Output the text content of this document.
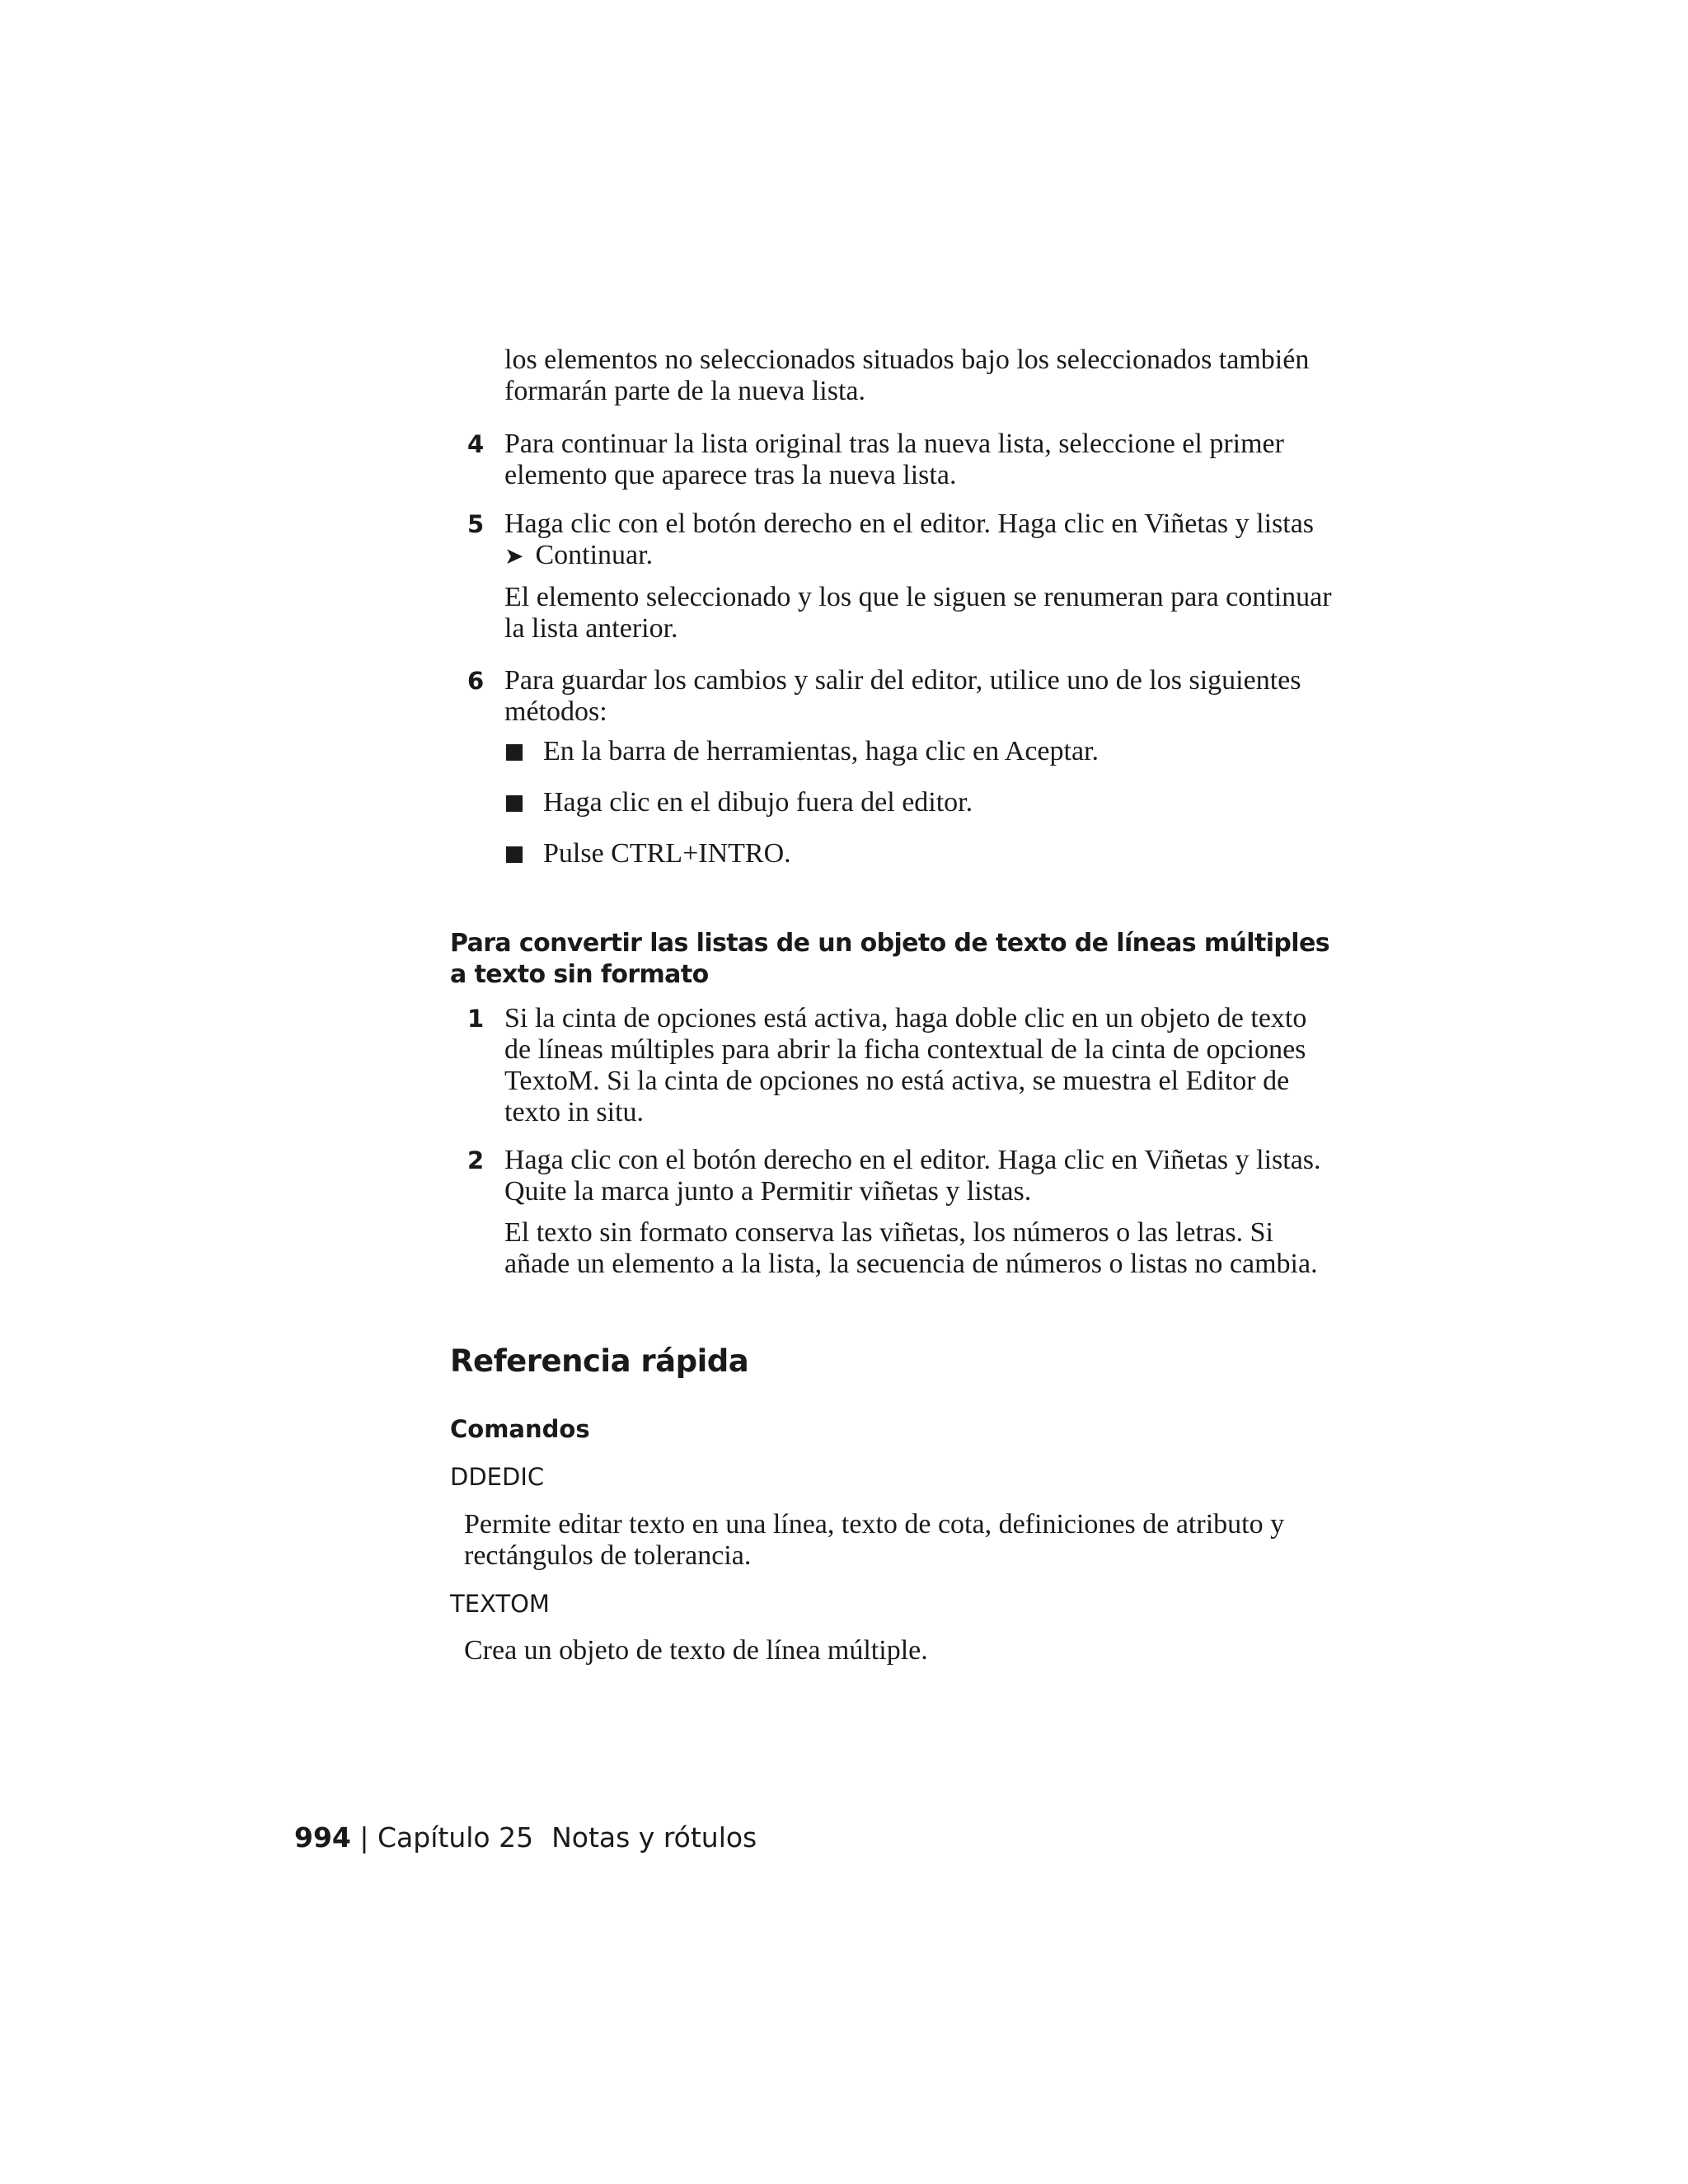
los elementos no seleccionados situados bajo los seleccionados también formarán parte de la nueva lista.
4 Para continuar la lista original tras la nueva lista, seleccione el primer elemento que aparece tras la nueva lista.
5 Haga clic con el botón derecho en el editor. Haga clic en Viñetas y listas
➤ Continuar.
El elemento seleccionado y los que le siguen se renumeran para continuar la lista anterior.
6 Para guardar los cambios y salir del editor, utilice uno de los siguientes métodos:
En la barra de herramientas, haga clic en Aceptar.
Haga clic en el dibujo fuera del editor.
Pulse CTRL+INTRO.
Para convertir las listas de un objeto de texto de líneas múltiples a texto sin formato
1 Si la cinta de opciones está activa, haga doble clic en un objeto de texto de líneas múltiples para abrir la ficha contextual de la cinta de opciones TextoM. Si la cinta de opciones no está activa, se muestra el Editor de texto in situ.
2 Haga clic con el botón derecho en el editor. Haga clic en Viñetas y listas. Quite la marca junto a Permitir viñetas y listas.
El texto sin formato conserva las viñetas, los números o las letras. Si añade un elemento a la lista, la secuencia de números o listas no cambia.
Referencia rápida
Comandos
DDEDIC
Permite editar texto en una línea, texto de cota, definiciones de atributo y rectángulos de tolerancia.
TEXTOM
Crea un objeto de texto de línea múltiple.
994 | Capítulo 25 Notas y rótulos
